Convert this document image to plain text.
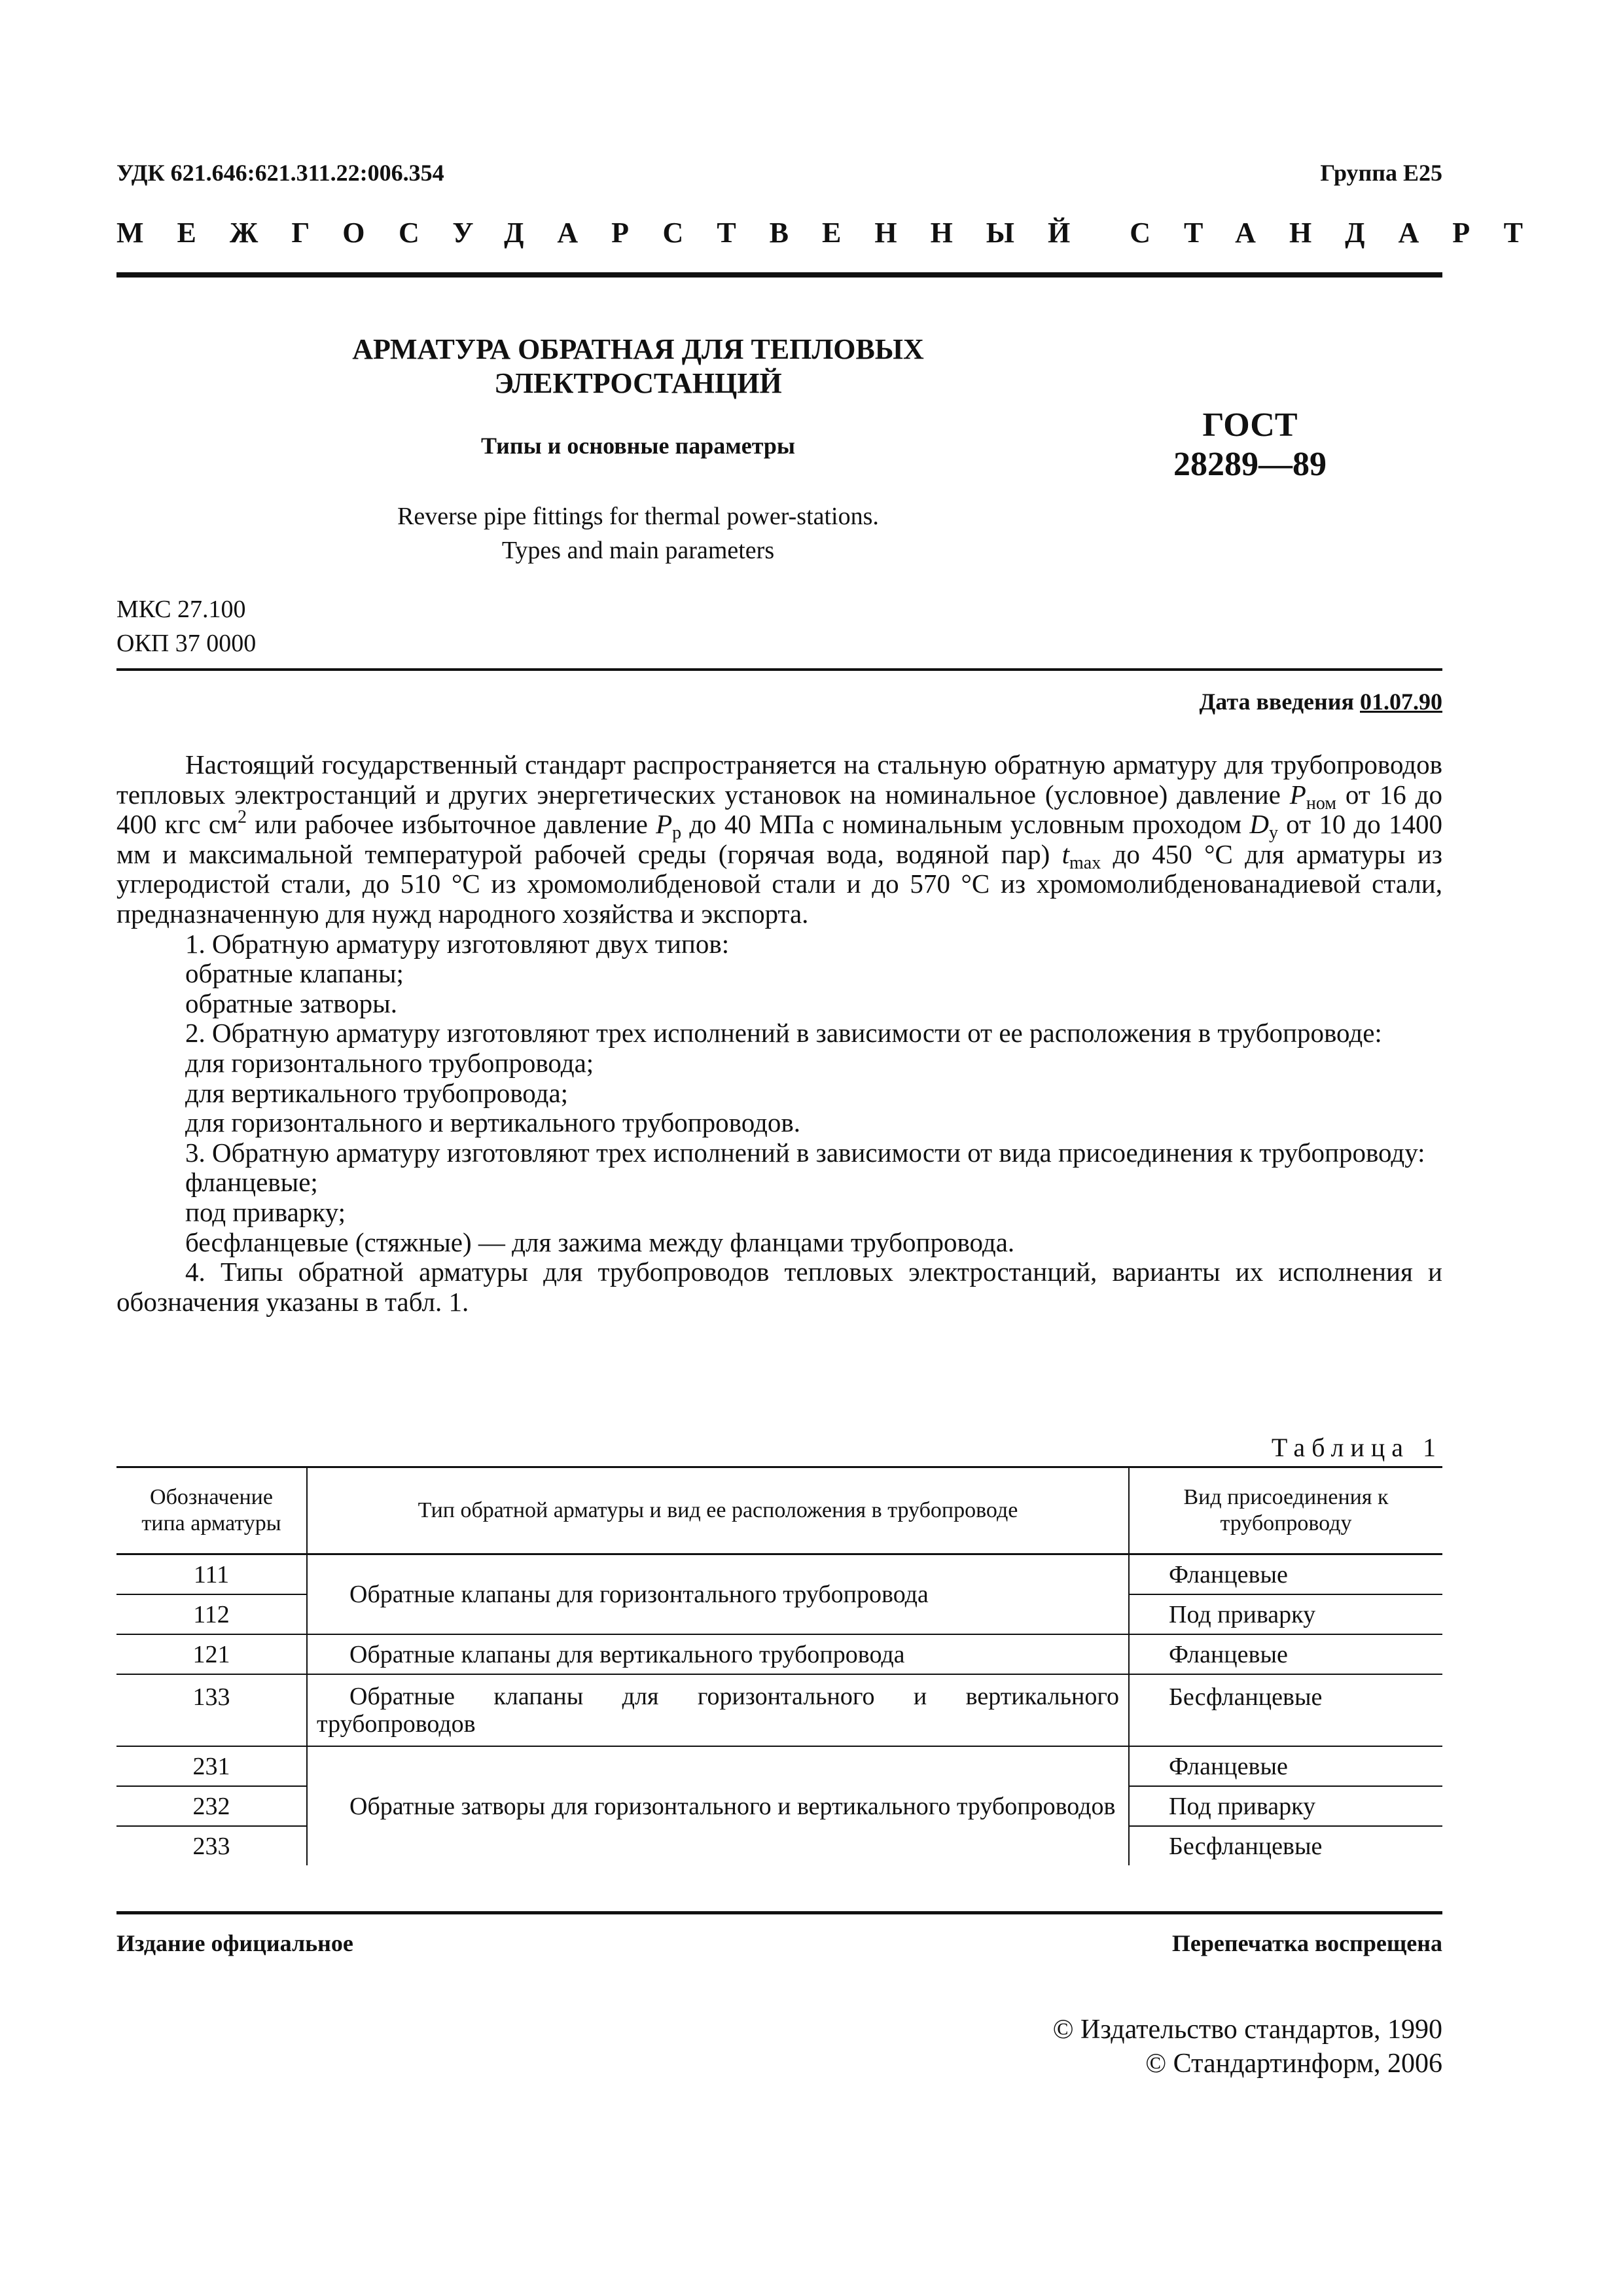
УДК 621.646:621.311.22:006.354	Группа Е25
МЕЖГОСУДАРСТВЕННЫЙ СТАНДАРТ
АРМАТУРА ОБРАТНАЯ ДЛЯ ТЕПЛОВЫХ
ЭЛЕКТРОСТАНЦИЙ
Типы и основные параметры
ГОСТ
28289—89
Reverse pipe fittings for thermal power-stations.
Types and main parameters
МКС 27.100
ОКП 37 0000
Дата введения 01.07.90

Настоящий государственный стандарт распространяется на стальную обратную арматуру для трубопроводов тепловых электростанций и других энергетических установок на номинальное (условное) давление $P_{ном}$ от 16 до 400 кгс $см^2$ или рабочее избыточное давление $P_р$ до 40 МПа с номинальным условным проходом $D_у$ от 10 до 1400 мм и максимальной температурой рабочей среды (горячая вода, водяной пар) $t_{max}$ до 450 °С для арматуры из углеродистой стали, до 510 °С из хромомолибденовой стали и до 570 °С из хромомолибденованадиевой стали, предназначенную для нужд народного хозяйства и экспорта.

1. Обратную арматуру изготовляют двух типов:

обратные клапаны;

обратные затворы.

2. Обратную арматуру изготовляют трех исполнений в зависимости от ее расположения в трубопроводе:

для горизонтального трубопровода;

для вертикального трубопровода;

для горизонтального и вертикального трубопроводов.

3. Обратную арматуру изготовляют трех исполнений в зависимости от вида присоединения к трубопроводу:

фланцевые;

под приварку;

бесфланцевые (стяжные) — для зажима между фланцами трубопровода.

4. Типы обратной арматуры для трубопроводов тепловых электростанций, варианты их исполнения и обозначения указаны в табл. 1.

Таблица 1
Обозначение типа арматуры	Тип обратной арматуры и вид ее расположения в трубопроводе	Вид присоединения к трубопроводу
111	Обратные клапаны для горизонтального трубопровода	Фланцевые
112		Под приварку
121	Обратные клапаны для вертикального трубопровода	Фланцевые
133	Обратные клапаны для горизонтального и вертикального трубопроводов	Бесфланцевые
231	Обратные затворы для горизонтального и вертикального трубопроводов	Фланцевые
232		Под приварку
233		Бесфланцевые
Издание официальное	Перепечатка воспрещена
© Издательство стандартов, 1990
© Стандартинформ, 2006
